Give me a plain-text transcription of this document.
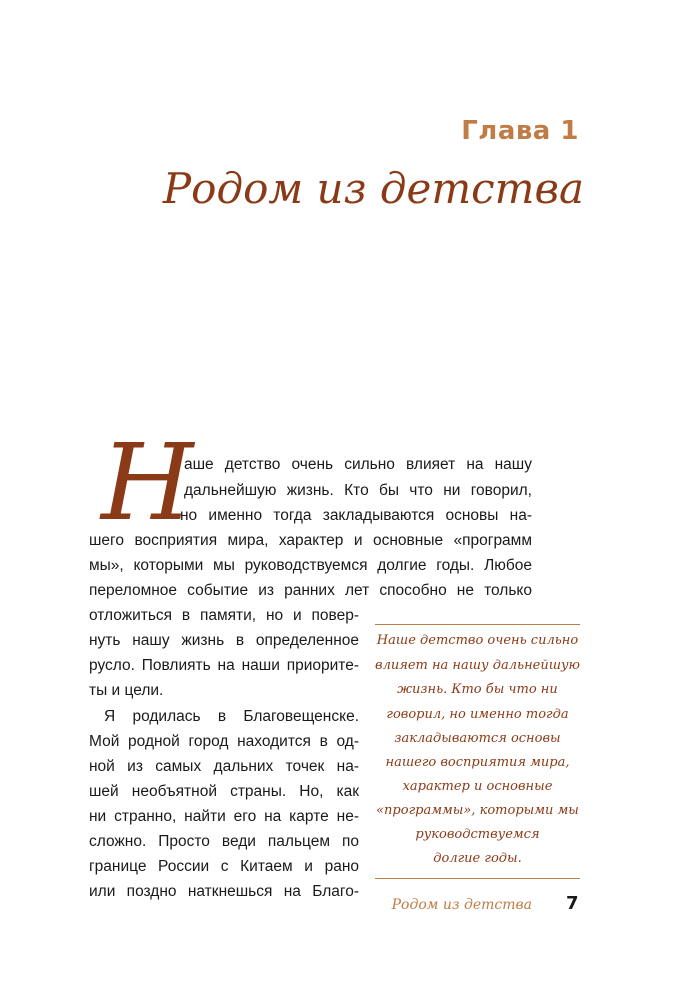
Глава 1
Родом из детства
Н
аше детство очень сильно влияет на нашу
дальнейшую жизнь. Кто бы что ни говорил,
но именно тогда закладываются основы на-
шего восприятия мира, характер и основные «программ
мы», которыми мы руководствуемся долгие годы. Любое
переломное событие из ранних лет способно не только
отложиться в памяти, но и повер-
нуть нашу жизнь в определенное
русло. Повлиять на наши приорите-
ты и цели.
Я родилась в Благовещенске.
Мой родной город находится в од-
ной из самых дальних точек на-
шей необъятной страны. Но, как
ни странно, найти его на карте не-
сложно. Просто веди пальцем по
границе России с Китаем и рано
или поздно наткнешься на Благо-
Наше детство очень сильно
влияет на нашу дальнейшую
жизнь. Кто бы что ни
говорил, но именно тогда
закладываются основы
нашего восприятия мира,
характер и основные
«программы», которыми мы
руководствуемся
долгие годы.
Родом из детства 7
